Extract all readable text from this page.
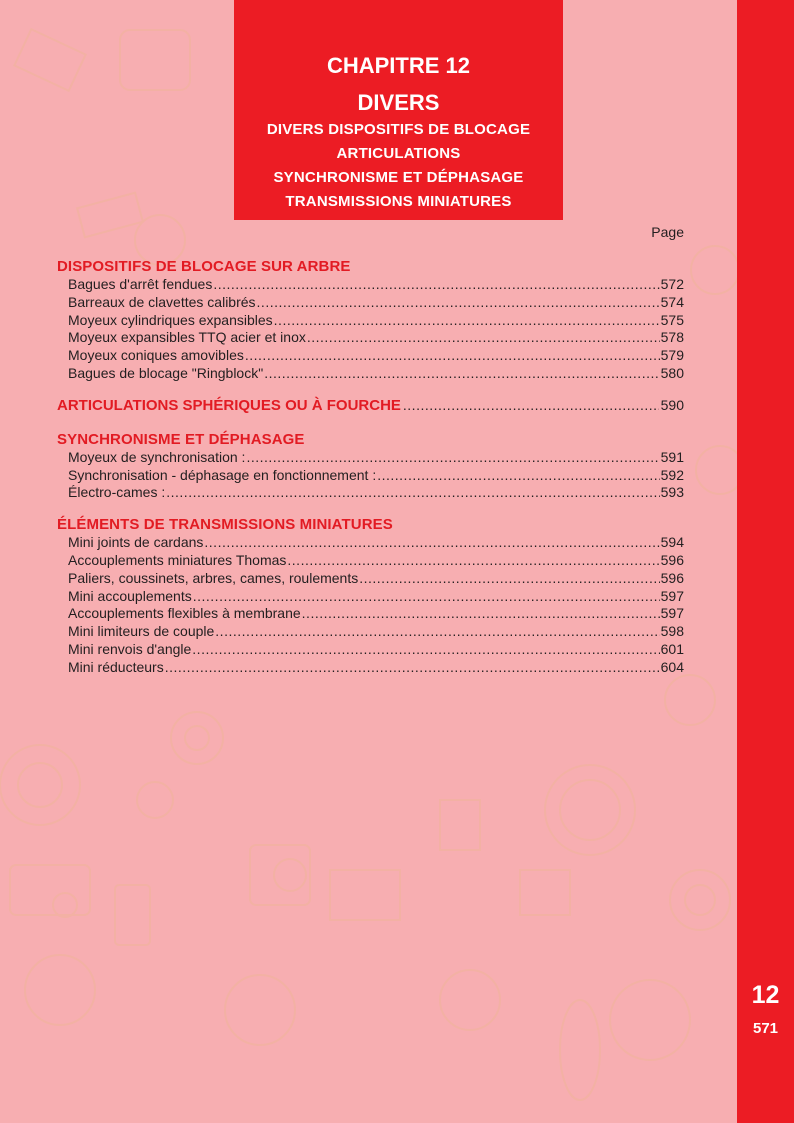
12
571
CHAPITRE 12
DIVERS
DIVERS DISPOSITIFS DE BLOCAGE
ARTICULATIONS
SYNCHRONISME ET DÉPHASAGE
TRANSMISSIONS MINIATURES
Page
DISPOSITIFS DE BLOCAGE SUR ARBRE
Bagues d'arrêt fendues .....	572
Barreaux de clavettes calibrés .....	574
Moyeux cylindriques expansibles .....	575
Moyeux expansibles TTQ acier et inox .....	578
Moyeux coniques amovibles .....	579
Bagues de blocage "Ringblock" .....	580
ARTICULATIONS SPHÉRIQUES OU À FOURCHE .....	590
SYNCHRONISME ET DÉPHASAGE
Moyeux de synchronisation : .....	591
Synchronisation - déphasage en fonctionnement : .....	592
Électro-cames : .....	593
ÉLÉMENTS DE TRANSMISSIONS MINIATURES
Mini joints de cardans .....	594
Accouplements miniatures Thomas .....	596
Paliers, coussinets, arbres, cames, roulements .....	596
Mini accouplements .....	597
Accouplements flexibles à membrane .....	597
Mini limiteurs de couple .....	598
Mini renvois d'angle .....	601
Mini réducteurs .....	604
